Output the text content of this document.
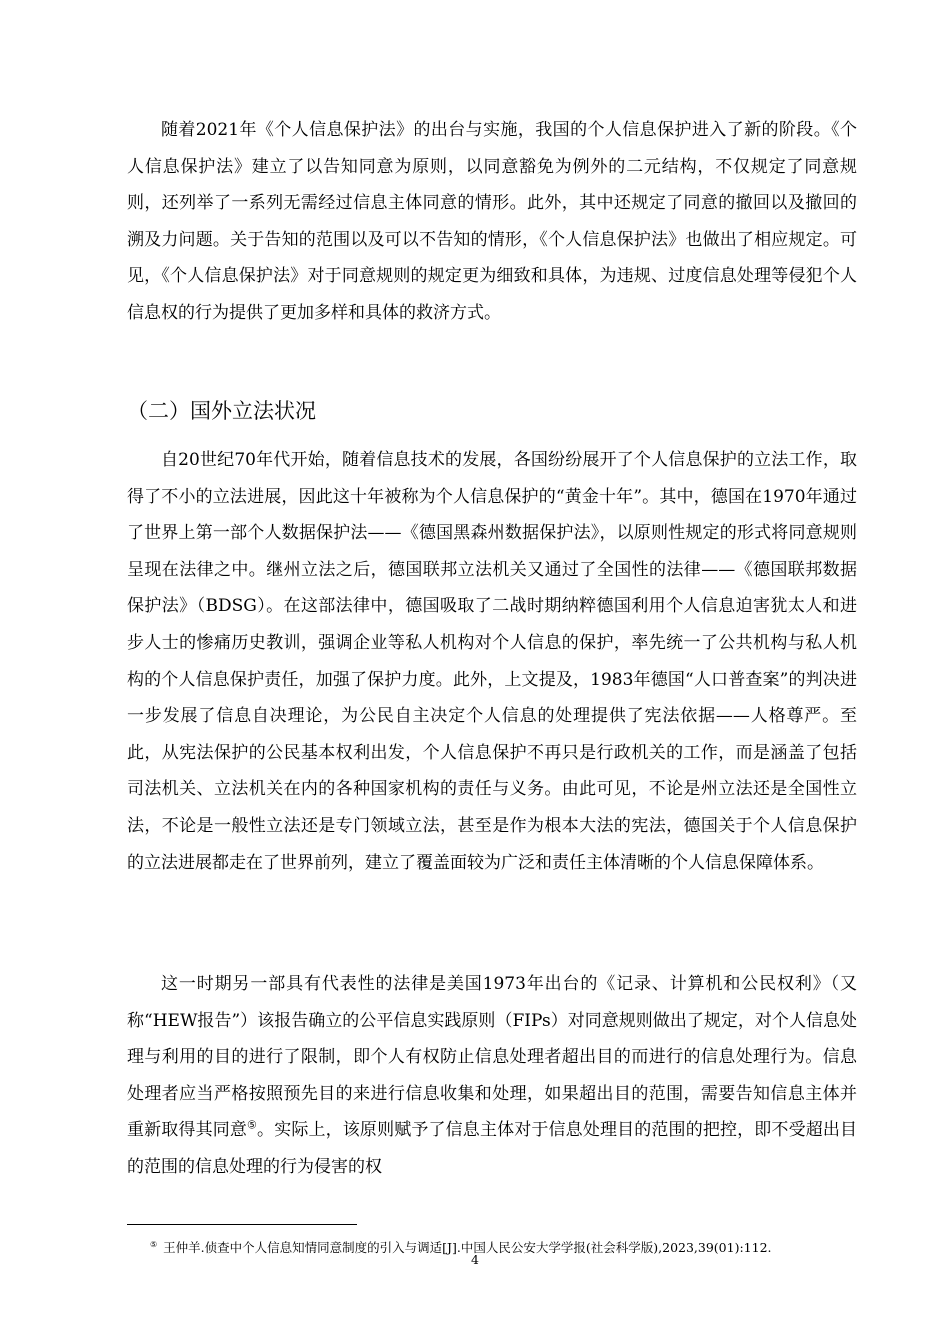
随着2021年《个人信息保护法》的出台与实施，我国的个人信息保护进入了新的阶段。《个人信息保护法》建立了以告知同意为原则，以同意豁免为例外的二元结构，不仅规定了同意规则，还列举了一系列无需经过信息主体同意的情形。此外，其中还规定了同意的撤回以及撤回的溯及力问题。关于告知的范围以及可以不告知的情形，《个人信息保护法》也做出了相应规定。可见，《个人信息保护法》对于同意规则的规定更为细致和具体，为违规、过度信息处理等侵犯个人信息权的行为提供了更加多样和具体的救济方式。

（二）国外立法状况

自20世纪70年代开始，随着信息技术的发展，各国纷纷展开了个人信息保护的立法工作，取得了不小的立法进展，因此这十年被称为个人信息保护的“黄金十年”。其中，德国在1970年通过了世界上第一部个人数据保护法——《德国黑森州数据保护法》，以原则性规定的形式将同意规则呈现在法律之中。继州立法之后，德国联邦立法机关又通过了全国性的法律——《德国联邦数据保护法》（BDSG）。在这部法律中，德国吸取了二战时期纳粹德国利用个人信息迫害犹太人和进步人士的惨痛历史教训，强调企业等私人机构对个人信息的保护，率先统一了公共机构与私人机构的个人信息保护责任，加强了保护力度。此外，上文提及，1983年德国“人口普查案”的判决进一步发展了信息自决理论，为公民自主决定个人信息的处理提供了宪法依据——人格尊严。至此，从宪法保护的公民基本权利出发，个人信息保护不再只是行政机关的工作，而是涵盖了包括司法机关、立法机关在内的各种国家机构的责任与义务。由此可见，不论是州立法还是全国性立法，不论是一般性立法还是专门领域立法，甚至是作为根本大法的宪法，德国关于个人信息保护的立法进展都走在了世界前列，建立了覆盖面较为广泛和责任主体清晰的个人信息保障体系。

这一时期另一部具有代表性的法律是美国1973年出台的《记录、计算机和公民权利》（又称“HEW报告”）该报告确立的公平信息实践原则（FIPs）对同意规则做出了规定，对个人信息处理与利用的目的进行了限制，即个人有权防止信息处理者超出目的而进行的信息处理行为。信息处理者应当严格按照预先目的来进行信息收集和处理，如果超出目的范围，需要告知信息主体并重新取得其同意⑤。实际上，该原则赋予了信息主体对于信息处理目的范围的把控，即不受超出目的范围的信息处理的行为侵害的权

⑤ 王仲羊.侦查中个人信息知情同意制度的引入与调适[J].中国人民公安大学学报(社会科学版),2023,39(01):112.

4
